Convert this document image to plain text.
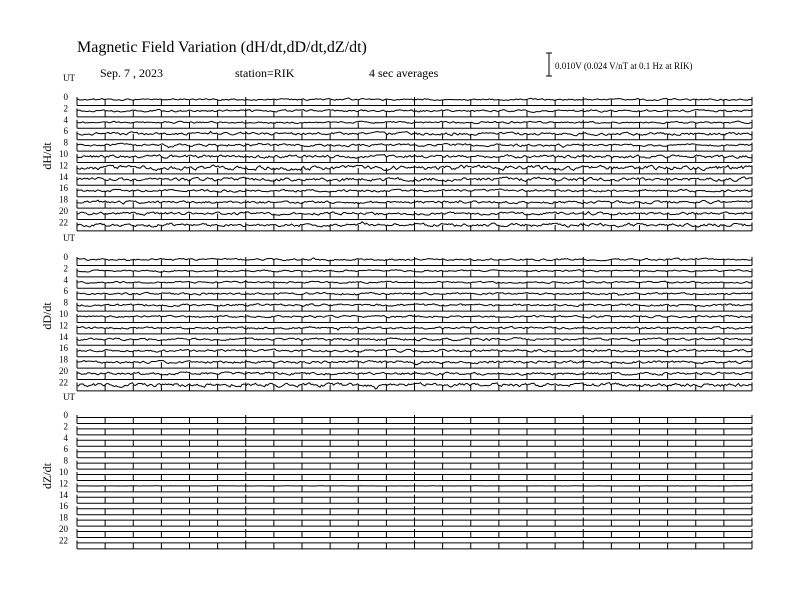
Magnetic Field Variation (dH/dt,dD/dt,dZ/dt)
Sep. 7 , 2023	station=RIK	4 sec averages	0.010V (0.024 V/nT at 0.1 Hz at RIK)
UT
dH/dt
0
2
4
6
8
10
12
14
16
18
20
22
UT
dD/dt
0
2
4
6
8
10
12
14
16
18
20
22
UT
dZ/dt
0
2
4
6
8
10
12
14
16
18
20
22
